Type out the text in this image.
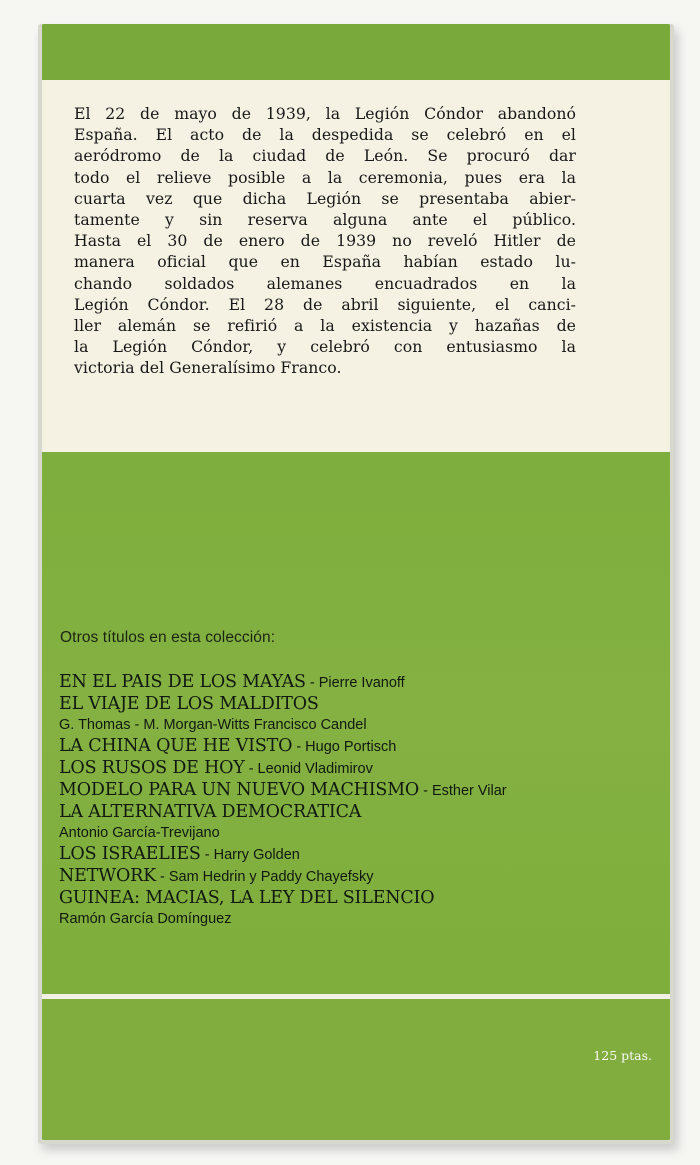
El 22 de mayo de 1939, la Legión Cóndor abandonó
España. El acto de la despedida se celebró en el
aeródromo de la ciudad de León. Se procuró dar
todo el relieve posible a la ceremonia, pues era la
cuarta vez que dicha Legión se presentaba abier-
tamente y sin reserva alguna ante el público.
Hasta el 30 de enero de 1939 no reveló Hitler de
manera oficial que en España habían estado lu-
chando soldados alemanes encuadrados en la
Legión Cóndor. El 28 de abril siguiente, el canci-
ller alemán se refirió a la existencia y hazañas de
la Legión Cóndor, y celebró con entusiasmo la
victoria del Generalísimo Franco.
Otros títulos en esta colección:
EN EL PAIS DE LOS MAYAS - Pierre Ivanoff
EL VIAJE DE LOS MALDITOS
G. Thomas - M. Morgan-Witts Francisco Candel
LA CHINA QUE HE VISTO - Hugo Portisch
LOS RUSOS DE HOY - Leonid Vladimirov
MODELO PARA UN NUEVO MACHISMO - Esther Vilar
LA ALTERNATIVA DEMOCRATICA
Antonio García-Trevijano
LOS ISRAELIES - Harry Golden
NETWORK - Sam Hedrin y Paddy Chayefsky
GUINEA: MACIAS, LA LEY DEL SILENCIO
Ramón García Domínguez
125 ptas.
